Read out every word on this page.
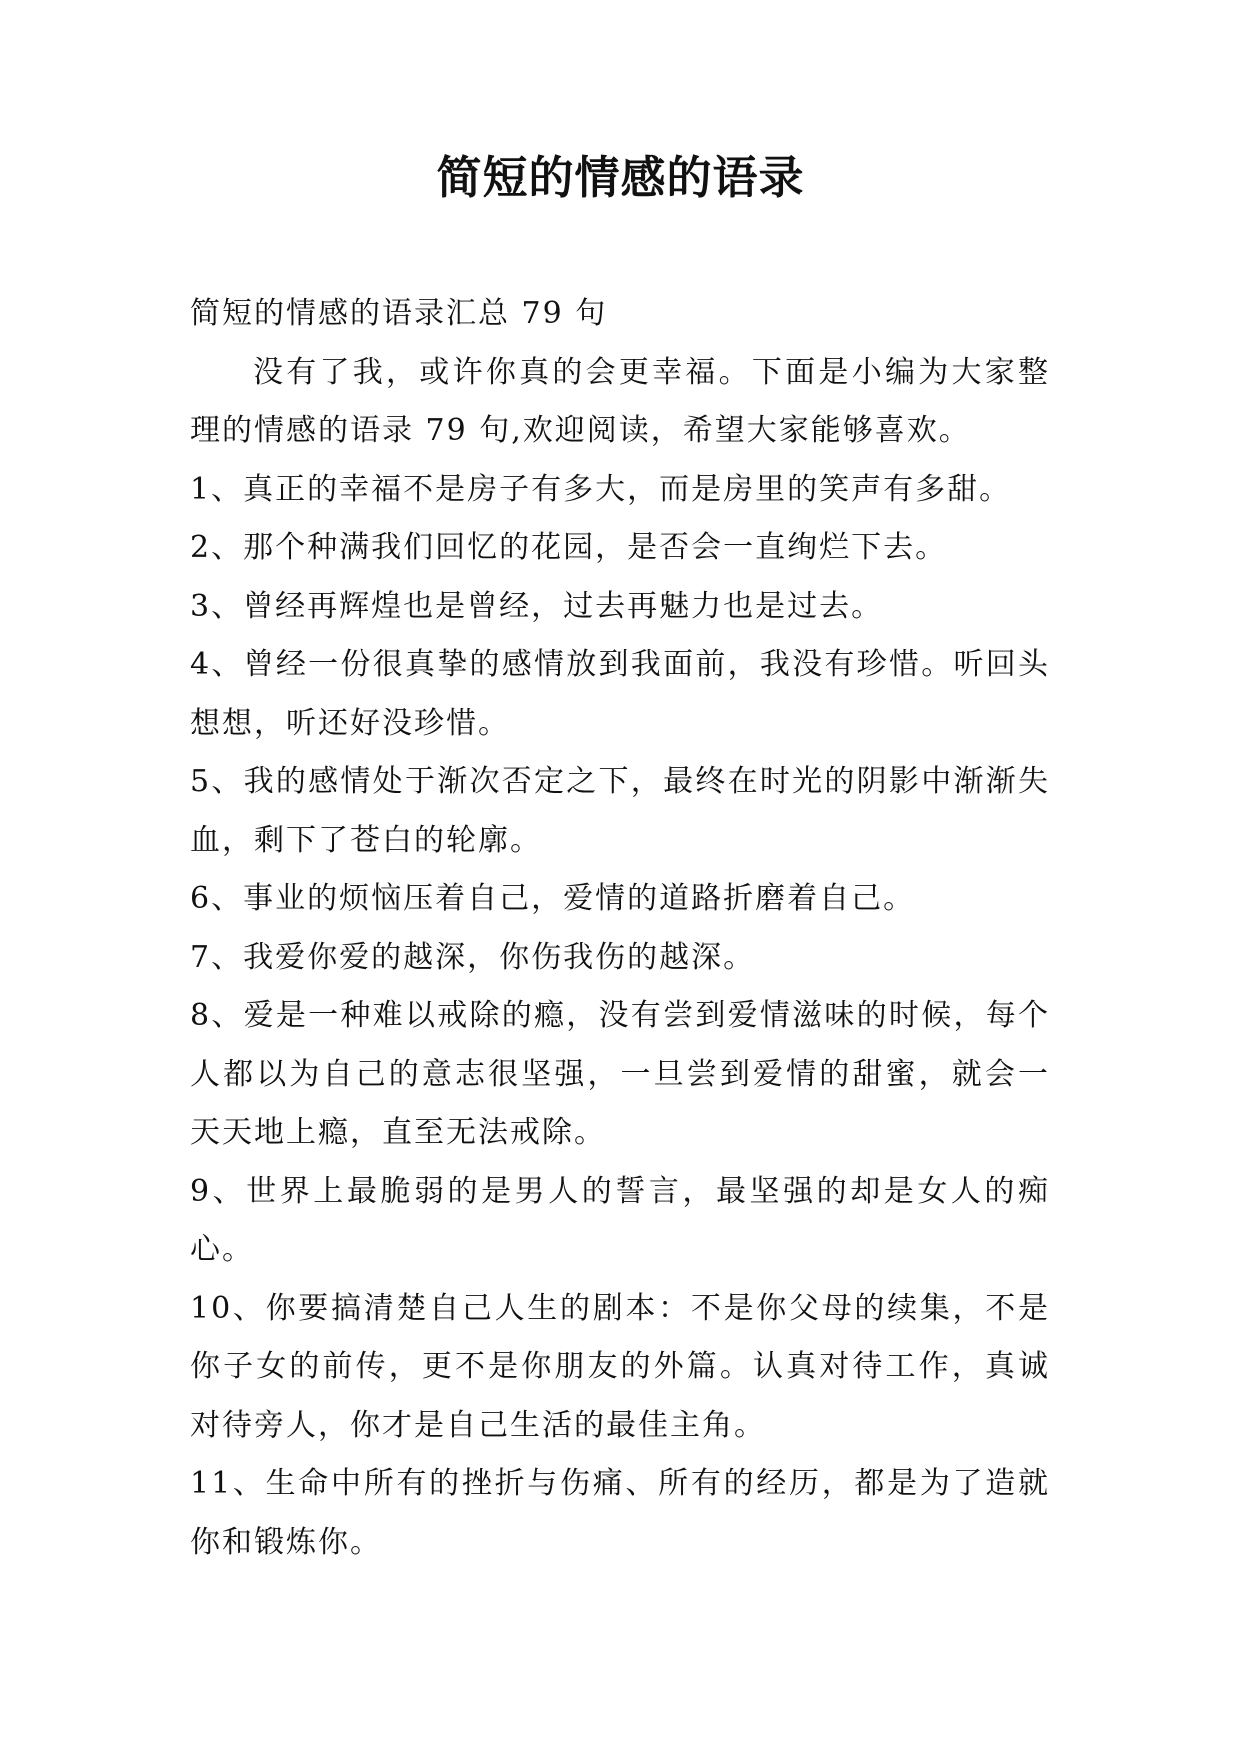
简短的情感的语录

简短的情感的语录汇总 79 句

没有了我，或许你真的会更幸福。下面是小编为大家整理的情感的语录 79 句,欢迎阅读，希望大家能够喜欢。

1、真正的幸福不是房子有多大，而是房里的笑声有多甜。

2、那个种满我们回忆的花园，是否会一直绚烂下去。

3、曾经再辉煌也是曾经，过去再魅力也是过去。

4、曾经一份很真挚的感情放到我面前，我没有珍惜。听回头想想，听还好没珍惜。

5、我的感情处于渐次否定之下，最终在时光的阴影中渐渐失血，剩下了苍白的轮廓。

6、事业的烦恼压着自己，爱情的道路折磨着自己。

7、我爱你爱的越深，你伤我伤的越深。

8、爱是一种难以戒除的瘾，没有尝到爱情滋味的时候，每个人都以为自己的意志很坚强，一旦尝到爱情的甜蜜，就会一天天地上瘾，直至无法戒除。

9、世界上最脆弱的是男人的誓言，最坚强的却是女人的痴心。

10、你要搞清楚自己人生的剧本：不是你父母的续集，不是你子女的前传，更不是你朋友的外篇。认真对待工作，真诚对待旁人，你才是自己生活的最佳主角。

11、生命中所有的挫折与伤痛、所有的经历，都是为了造就你和锻炼你。
